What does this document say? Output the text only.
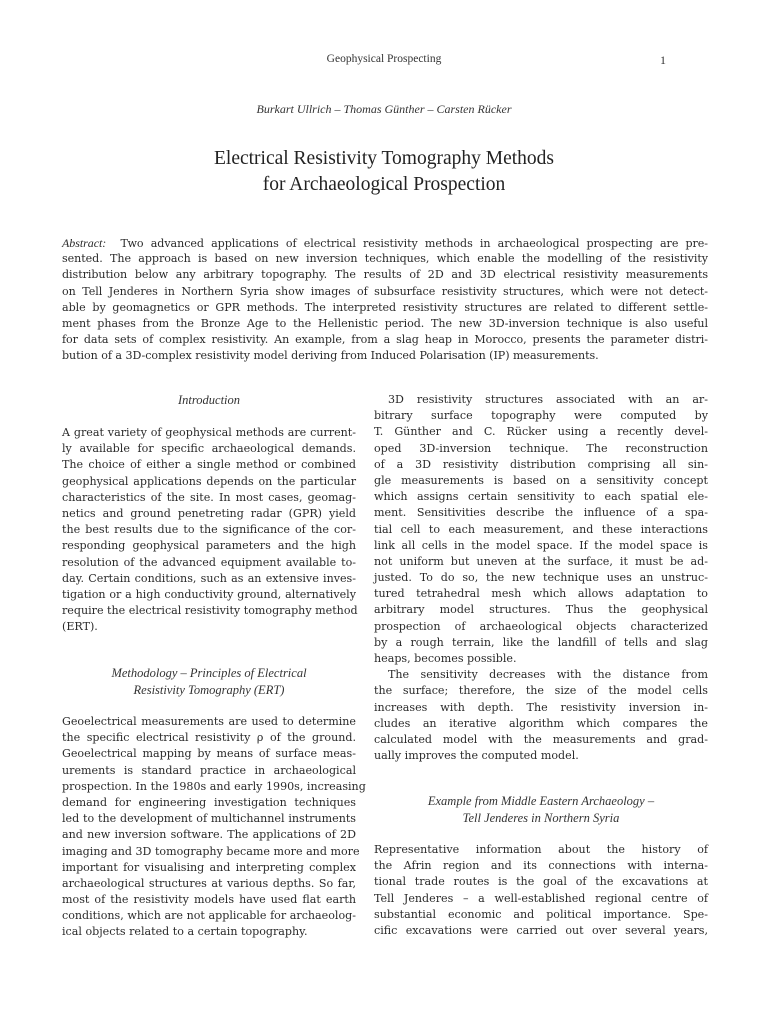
Geophysical Prospecting	1
Burkart Ullrich – Thomas Günther – Carsten Rücker
Electrical Resistivity Tomography Methods
for Archaeological Prospection
Abstract: Two advanced applications of electrical resistivity methods in archaeological prospecting are pre-
sented. The approach is based on new inversion techniques, which enable the modelling of the resistivity
distribution below any arbitrary topography. The results of 2D and 3D electrical resistivity measurements
on Tell Jenderes in Northern Syria show images of subsurface resistivity structures, which were not detect-
able by geomagnetics or GPR methods. The interpreted resistivity structures are related to different settle-
ment phases from the Bronze Age to the Hellenistic period. The new 3D-inversion technique is also useful
for data sets of complex resistivity. An example, from a slag heap in Morocco, presents the parameter distri-
bution of a 3D-complex resistivity model deriving from Induced Polarisation (IP) measurements.
Introduction
A great variety of geophysical methods are current-
ly available for specific archaeological demands.
The choice of either a single method or combined
geophysical applications depends on the particular
characteristics of the site. In most cases, geomag-
netics and ground penetreting radar (GPR) yield
the best results due to the significance of the cor-
responding geophysical parameters and the high
resolution of the advanced equipment available to-
day. Certain conditions, such as an extensive inves-
tigation or a high conductivity ground, alternatively
require the electrical resistivity tomography method
(ERT).
Methodology – Principles of Electrical
Resistivity Tomography (ERT)
Geoelectrical measurements are used to determine
the specific electrical resistivity ρ of the ground.
Geoelectrical mapping by means of surface meas-
urements is standard practice in archaeological
prospection. In the 1980s and early 1990s, increasing
demand for engineering investigation techniques
led to the development of multichannel instruments
and new inversion software. The applications of 2D
imaging and 3D tomography became more and more
important for visualising and interpreting complex
archaeological structures at various depths. So far,
most of the resistivity models have used flat earth
conditions, which are not applicable for archaeolog-
ical objects related to a certain topography.
3D resistivity structures associated with an ar-
bitrary surface topography were computed by
T. Günther and C. Rücker using a recently devel-
oped 3D-inversion technique. The reconstruction
of a 3D resistivity distribution comprising all sin-
gle measurements is based on a sensitivity concept
which assigns certain sensitivity to each spatial ele-
ment. Sensitivities describe the influence of a spa-
tial cell to each measurement, and these interactions
link all cells in the model space. If the model space is
not uniform but uneven at the surface, it must be ad-
justed. To do so, the new technique uses an unstruc-
tured tetrahedral mesh which allows adaptation to
arbitrary model structures. Thus the geophysical
prospection of archaeological objects characterized
by a rough terrain, like the landfill of tells and slag
heaps, becomes possible.
The sensitivity decreases with the distance from
the surface; therefore, the size of the model cells
increases with depth. The resistivity inversion in-
cludes an iterative algorithm which compares the
calculated model with the measurements and grad-
ually improves the computed model.
Example from Middle Eastern Archaeology –
Tell Jenderes in Northern Syria
Representative information about the history of
the Afrin region and its connections with interna-
tional trade routes is the goal of the excavations at
Tell Jenderes – a well-established regional centre of
substantial economic and political importance. Spe-
cific excavations were carried out over several years,
